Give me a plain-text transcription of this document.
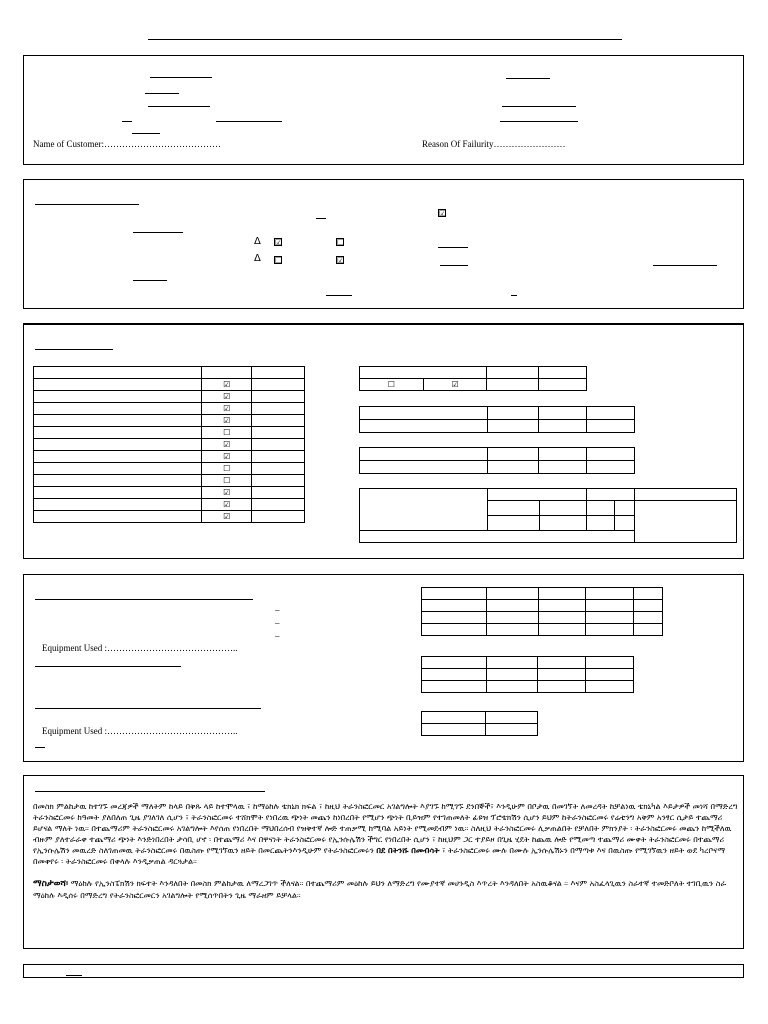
Name of Customer:…………………………………	Reason Of Failurity……………………
☑
Δ ☑	☐
Δ ☐	☑

	☑	
	☑	
	☑	
	☑	
	☐	
	☑	
	☑	
	☐	
	☐	
	☑	
	☑	
	☑	

☐	☑		

–
–
–
Equipment Used :……………………………………..
Equipment Used :……………………………………..

በመስክ ምልከታዉ ከተገኙ መረጃዎች ማለትም ከላይ በቅጹ ላይ ከተሞላዉ ፣ ከማዕከሉ ቴክኒክ ክፍል ፣ ከዚህ ትራንስፎርመር አገልግሎት እያገኙ ከሚገኙ ደንበኞች፣ እንዲሁም በቦታዉ በመገኘት ለመረዳት ከቻልነዉ ቴክኒካል እይታዎች መነሻ በማድረግ ትራንስፎርመሩ ከዓመት ያለበለጠ ጊዜ ያገለገለ ሲሆን ፣ ትራንስፎርመሩ ተሸክሞት የነበረዉ ጭነት መጨን ከነበረበት የሚሆን ጭነት ቢይዝም የተገጠመለት ፊዩዝ ፕሮቴክሽን ሲሆን ይህም ከትራንስፎርመሩ የሬቲንግ አቅም አንፃር ሲታይ ተጨማሪ ይሆናል ማለት ነዉ። በተጨማሪም ትራንስፎርመሩ አገልግሎት እየሰጠ የነበረበት ማህበረሰብ የዝቅተኛ ሎድ ተጠቃሚ ከሚባል አይነት የሚመደብም ነዉ። ስለዚህ ትራንስፎርመሩ ሊቃጠልበት የቻለበት ምክንያት ፡ ትራንስፎርመሩ መጨን ከሚችለዉ ብዙም ያለተራራቀ ተጨማሪ ጭነት እንድነበረበት ታሳቢ ሆኖ ፡ በተጨማሪ እና በዋናነት ትራንስፎርመሩ የኢንሱሌሽን ችግር የነበረበት ሲሆን ፣ ከዚህም ጋር ተያይዞ በጊዜ ሂደት ከጨዉ ሎድ የሚመጣ ተጨማሪ ሙቀት ትራንስፎርመሩ በተጨማሪ የኢንሱሌሽን መዉረድ ስለገጠመዉ ትራንስፎርመሩ በዉስጡ የሚገኘዉን ዘይት በመርጨትንእንዲሁም የትራንስፎርመሩን በደ በትንሹ በመብሳት ፣ ትራንስፎርመሩ ሙሉ በሙሉ ኢንሱሌሽኑን በማጣቱ እና በዉስጡ የሚገኘዉን ዘይት ወደ ካረቦናማ በመቀየሩ ፡ ትራንስፎርመሩ በቀላሉ እንዲቃጠል ዳርጓታል።

ማስታወሻ፡ ማዕከሉ የኢንስፔክሽን ክፍተት እንዳለበት በመስክ ምልከታዉ ለማረጋገጥ ችለናል። በተጨማሪም መዕከሉ ይህን ለማድረግ የሙያተኛ መሀንዲስ እጥረት እንዳለበት አስዉቆናል ። እናም አስፈላጊዉን ስራተኛ ተመድቦለት ተገቢዉን ስራ ማዕከሉ እዲሰሩ በማድረግ የትራንስፎርመርን አገልግሎት የሚሰጥበትን ጊዜ ማራዘም ይቻላል።
